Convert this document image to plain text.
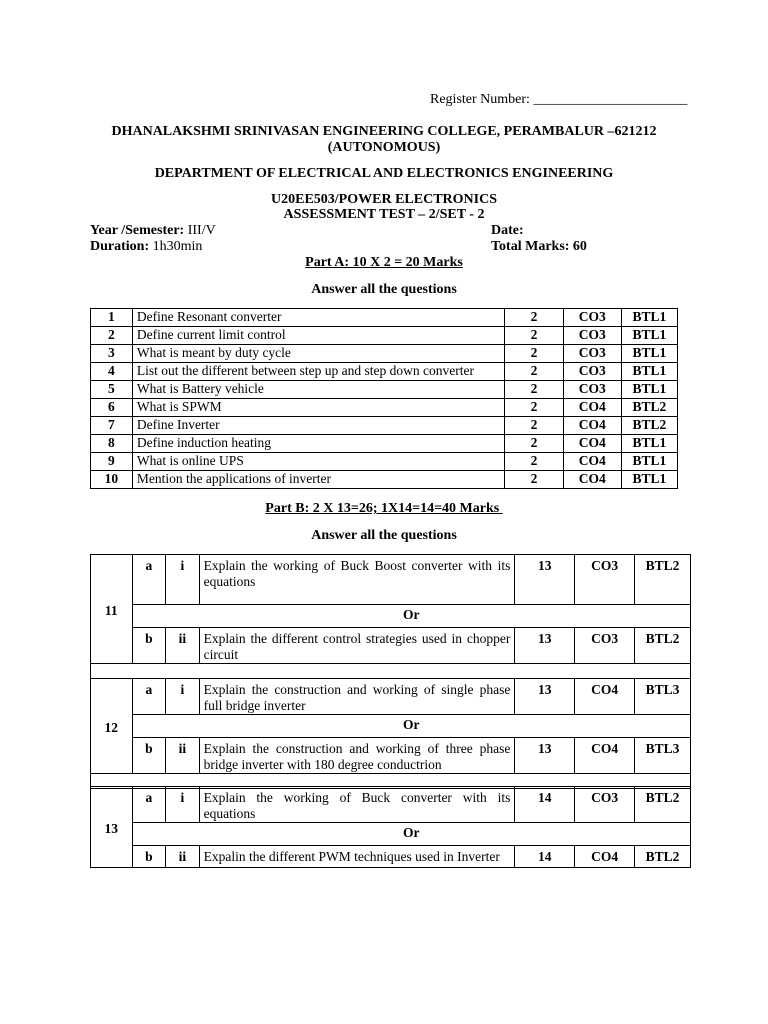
Register Number: ______________________
DHANALAKSHMI SRINIVASAN ENGINEERING COLLEGE, PERAMBALUR –621212
(AUTONOMOUS)
DEPARTMENT OF ELECTRICAL AND ELECTRONICS ENGINEERING
U20EE503/POWER ELECTRONICS
ASSESSMENT TEST – 2/SET - 2
Year /Semester: III/V	Date:
Duration: 1h30min	Total Marks: 60
Part A: 10 X 2 = 20 Marks
Answer all the questions
1	Define Resonant converter	2	CO3	BTL1
2	Define current limit control	2	CO3	BTL1
3	What is meant by duty cycle	2	CO3	BTL1
4	List out the different between step up and step down converter	2	CO3	BTL1
5	What is Battery vehicle	2	CO3	BTL1
6	What is SPWM	2	CO4	BTL2
7	Define Inverter	2	CO4	BTL2
8	Define induction heating	2	CO4	BTL1
9	What is online UPS	2	CO4	BTL1
10	Mention the applications of inverter	2	CO4	BTL1
Part B: 2 X 13=26; 1X14=14=40 Marks
Answer all the questions
11	a	i	Explain the working of Buck Boost converter with its equations	13	CO3	BTL2
	Or					
	b	ii	Explain the different control strategies used in chopper circuit	13	CO3	BTL2

12	a	i	Explain the construction and working of single phase full bridge inverter	13	CO4	BTL3
	Or					
	b	ii	Explain the construction and working of three phase bridge inverter with 180 degree conductrion	13	CO4	BTL3

13	a	i	Explain the working of Buck converter with its equations	14	CO3	BTL2
	Or					
	b	ii	Expalin the different PWM techniques used in Inverter	14	CO4	BTL2
